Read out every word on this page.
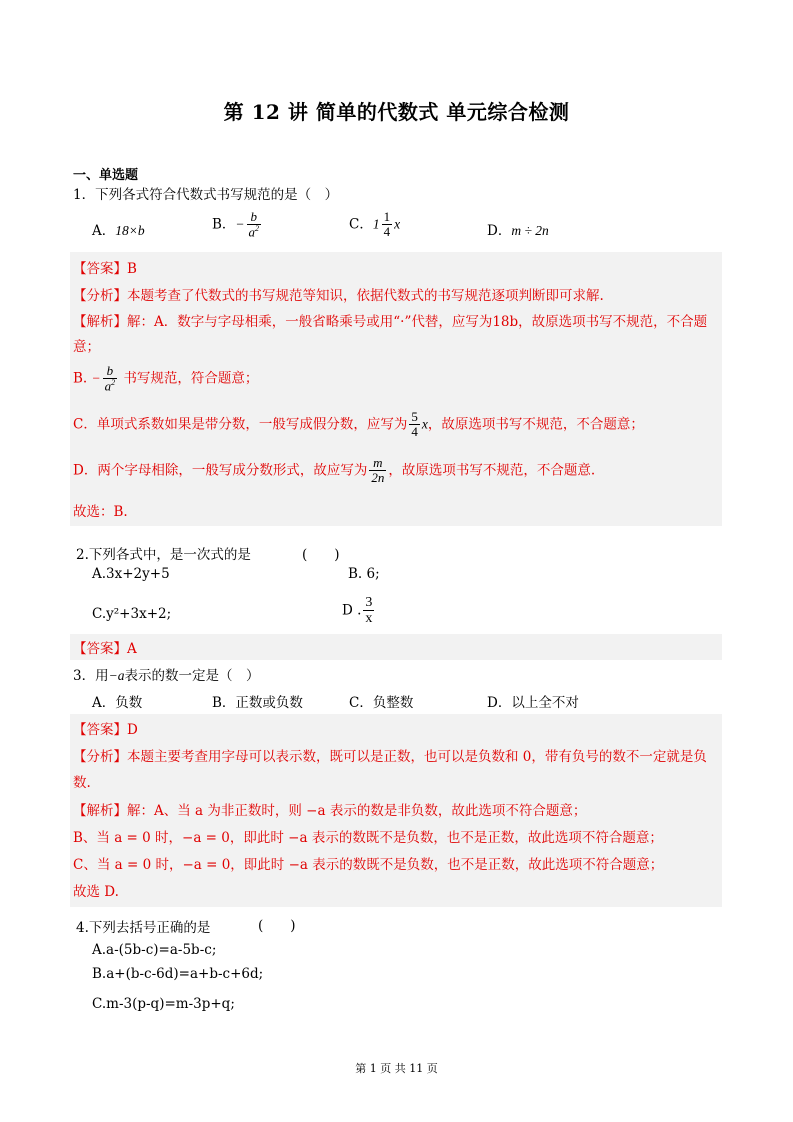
第 12 讲 简单的代数式 单元综合检测
一、单选题
1．下列各式符合代数式书写规范的是（　）
A．18×b	B．− $\frac{b}{a^2}$	C．$1 \frac{1}{4}$ x	D．m ÷ 2n
【答案】B
【分析】本题考查了代数式的书写规范等知识，依据代数式的书写规范逐项判断即可求解.
【解析】解：A．数字与字母相乘，一般省略乘号或用“·”代替，应写为18b，故原选项书写不规范，不合题
意；
B. − $\frac{b}{a^2}$ 书写规范，符合题意；
C．单项式系数如果是带分数，一般写成假分数，应写为 $\frac{5}{4}$ x，故原选项书写不规范，不合题意；
D．两个字母相除，一般写成分数形式，故应写为 $\frac{m}{2n}$ ，故原选项书写不规范，不合题意.
故选：B.
2.下列各式中，是一次式的是	(　　)
A.3x+2y+5	B. 6;
C.y²+3x+2;	D . $\frac{3}{x}$
【答案】A
3．用−a表示的数一定是（　）
A．负数	B．正数或负数	C．负整数	D．以上全不对
【答案】D
【分析】本题主要考查用字母可以表示数，既可以是正数，也可以是负数和 0，带有负号的数不一定就是负
数.
【解析】解：A、当 a 为非正数时，则 −a 表示的数是非负数，故此选项不符合题意；
B、当 a = 0 时，−a = 0，即此时 −a 表示的数既不是负数，也不是正数，故此选项不符合题意；
C、当 a = 0 时，−a = 0，即此时 −a 表示的数既不是负数，也不是正数，故此选项不符合题意；
故选 D.
4.下列去括号正确的是	(　　)
A.a-(5b-c)=a-5b-c;
B.a+(b-c-6d)=a+b-c+6d;
C.m-3(p-q)=m-3p+q;
第 1 页 共 11 页
